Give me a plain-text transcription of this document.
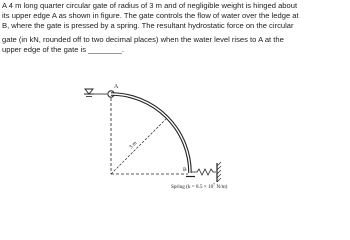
A 4 m long quarter circular gate of radius of 3 m and of negligible weight is hinged about

its upper edge A as shown in figure. The gate controls the flow of water over the ledge at

B, where the gate is pressed by a spring. The resultant hydrostatic force on the circular

gate (in kN, rounded off to two decimal places) when the water level rises to A at the

upper edge of the gate is ________.

A
3 m
B
Spring ($k = 8.5 \times 10^7$ N/m)
